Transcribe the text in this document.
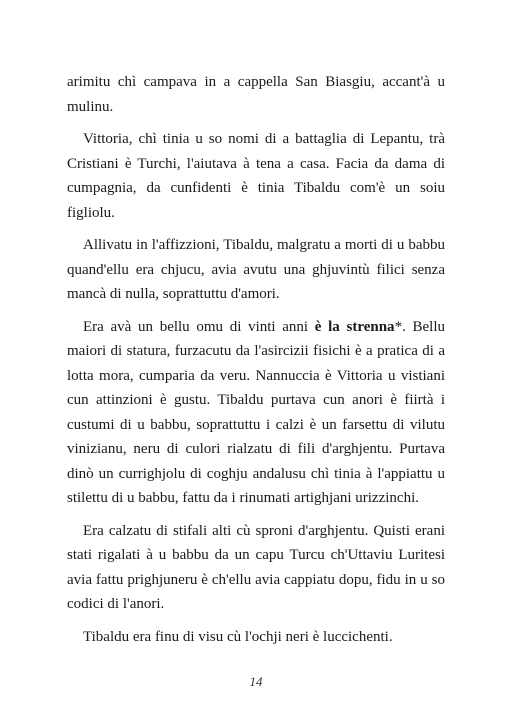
arimitu chì campava in a cappella San Biasgiu, accant'à u mulinu.

Vittoria, chì tinia u so nomi di a battaglia di Lepantu, trà Cristiani è Turchi, l'aiutava à tena a casa. Facia da dama di cumpagnia, da cunfidenti è tinia Tibaldu com'è un soiu figliolu.

Allivatu in l'affizzioni, Tibaldu, malgratu a morti di u babbu quand'ellu era chjucu, avia avutu una ghjuvintù filici senza mancà di nulla, soprattuttu d'amori.

Era avà un bellu omu di vinti anni è la strenna*. Bellu maiori di statura, furzacutu da l'asircizii fisichi è a pratica di a lotta mora, cumparia da veru. Nannuccia è Vittoria u vistiani cun attinzioni è gustu. Tibaldu purtava cun anori è fiirtà i custumi di u babbu, soprattuttu i calzi è un farsettu di vilutu vinizianu, neru di culori rialzatu di fili d'arghjentu. Purtava dinò un currighjolu di coghju andalusu chì tinia à l'appiattu u stilettu di u babbu, fattu da i rinumati artighjani urizzinchi.

Era calzatu di stifali alti cù sproni d'arghjentu. Quisti erani stati rigalati à u babbu da un capu Turcu ch'Uttaviu Luritesi avia fattu prighjuneru è ch'ellu avia cappiatu dopu, fidu in u so codici di l'anori.

Tibaldu era finu di visu cù l'ochji neri è luccichenti.

14
